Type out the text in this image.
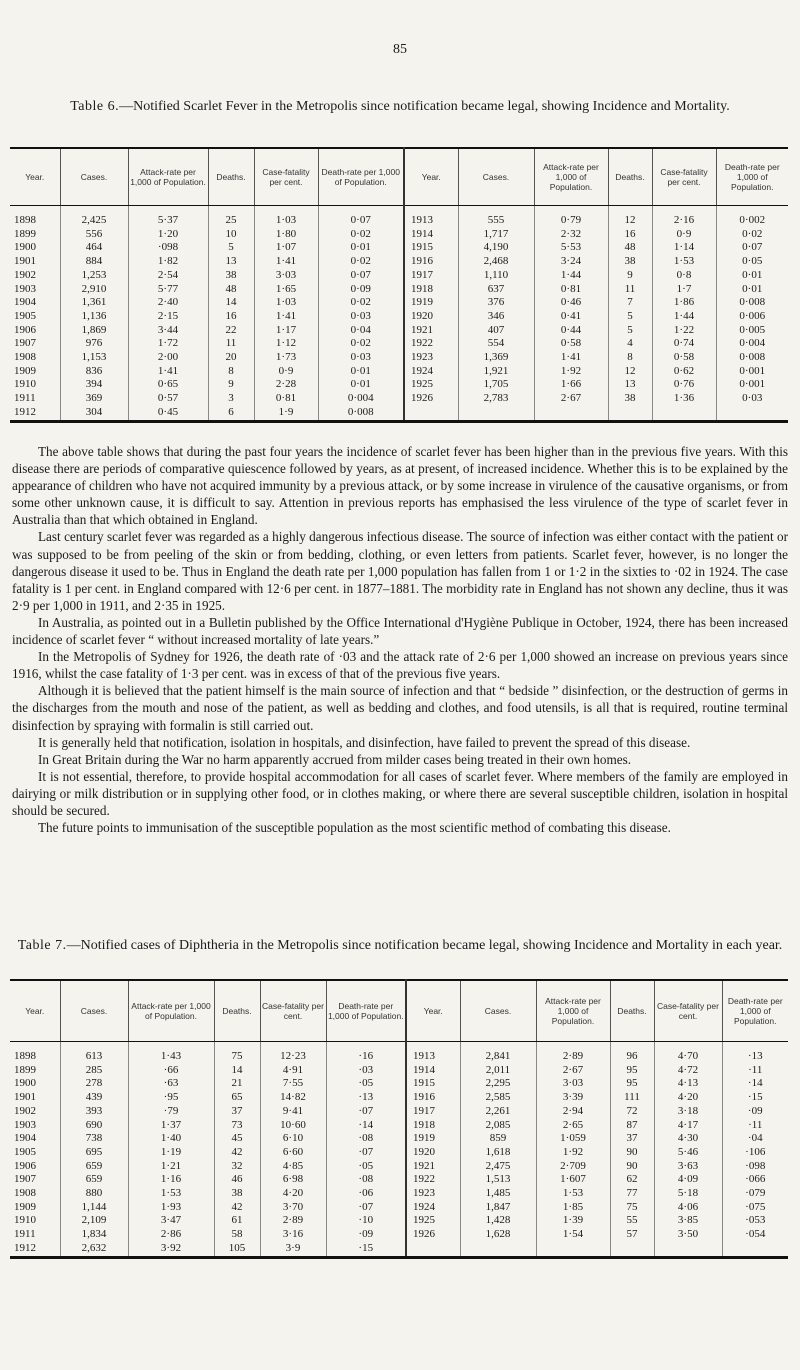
85
Table 6.—Notified Scarlet Fever in the Metropolis since notification became legal, showing Incidence and Mortality.
Year.	Cases.	Attack-rate per 1,000 of Population.	Deaths.	Case-fatality per cent.	Death-rate per 1,000 of Population.	Year.	Cases.	Attack-rate per 1,000 of Population.	Deaths.	Case-fatality per cent.	Death-rate per 1,000 of Population.

1898	2,425	5·37	25	1·03	0·07	1913	555	0·79	12	2·16	0·002
1899	556	1·20	10	1·80	0·02	1914	1,717	2·32	16	0·9	0·02
1900	464	·098	5	1·07	0·01	1915	4,190	5·53	48	1·14	0·07
1901	884	1·82	13	1·41	0·02	1916	2,468	3·24	38	1·53	0·05
1902	1,253	2·54	38	3·03	0·07	1917	1,110	1·44	9	0·8	0·01
1903	2,910	5·77	48	1·65	0·09	1918	637	0·81	11	1·7	0·01
1904	1,361	2·40	14	1·03	0·02	1919	376	0·46	7	1·86	0·008
1905	1,136	2·15	16	1·41	0·03	1920	346	0·41	5	1·44	0·006
1906	1,869	3·44	22	1·17	0·04	1921	407	0·44	5	1·22	0·005
1907	976	1·72	11	1·12	0·02	1922	554	0·58	4	0·74	0·004
1908	1,153	2·00	20	1·73	0·03	1923	1,369	1·41	8	0·58	0·008
1909	836	1·41	8	0·9	0·01	1924	1,921	1·92	12	0·62	0·001
1910	394	0·65	9	2·28	0·01	1925	1,705	1·66	13	0·76	0·001
1911	369	0·57	3	0·81	0·004	1926	2,783	2·67	38	1·36	0·03
1912	304	0·45	6	1·9	0·008						

The above table shows that during the past four years the incidence of scarlet fever has been higher than in the previous five years. With this disease there are periods of comparative quiescence followed by years, as at present, of increased incidence. Whether this is to be explained by the appearance of children who have not acquired immunity by a previous attack, or by some increase in virulence of the causative organisms, or from some other unknown cause, it is difficult to say. Attention in previous reports has emphasised the less virulence of the type of scarlet fever in Australia than that which obtained in England.

Last century scarlet fever was regarded as a highly dangerous infectious disease. The source of infection was either contact with the patient or was supposed to be from peeling of the skin or from bedding, clothing, or even letters from patients. Scarlet fever, however, is no longer the dangerous disease it used to be. Thus in England the death rate per 1,000 population has fallen from 1 or 1·2 in the sixties to ·02 in 1924. The case fatality is 1 per cent. in England compared with 12·6 per cent. in 1877–1881. The morbidity rate in England has not shown any decline, thus it was 2·9 per 1,000 in 1911, and 2·35 in 1925.

In Australia, as pointed out in a Bulletin published by the Office International d'Hygiène Publique in October, 1924, there has been increased incidence of scarlet fever “ without increased mortality of late years.”

In the Metropolis of Sydney for 1926, the death rate of ·03 and the attack rate of 2·6 per 1,000 showed an increase on previous years since 1916, whilst the case fatality of 1·3 per cent. was in excess of that of the previous five years.

Although it is believed that the patient himself is the main source of infection and that “ bedside ” disinfection, or the destruction of germs in the discharges from the mouth and nose of the patient, as well as bedding and clothes, and food utensils, is all that is required, routine terminal disinfection by spraying with formalin is still carried out.

It is generally held that notification, isolation in hospitals, and disinfection, have failed to prevent the spread of this disease.

In Great Britain during the War no harm apparently accrued from milder cases being treated in their own homes.

It is not essential, therefore, to provide hospital accommodation for all cases of scarlet fever. Where members of the family are employed in dairying or milk distribution or in supplying other food, or in clothes making, or where there are several susceptible children, isolation in hospital should be secured.

The future points to immunisation of the susceptible population as the most scientific method of combating this disease.

Table 7.—Notified cases of Diphtheria in the Metropolis since notification became legal, showing Incidence and Mortality in each year.
Year.	Cases.	Attack-rate per 1,000 of Population.	Deaths.	Case-fatality per cent.	Death-rate per 1,000 of Population.	Year.	Cases.	Attack-rate per 1,000 of Population.	Deaths.	Case-fatality per cent.	Death-rate per 1,000 of Population.

1898	613	1·43	75	12·23	·16	1913	2,841	2·89	96	4·70	·13
1899	285	·66	14	4·91	·03	1914	2,011	2·67	95	4·72	·11
1900	278	·63	21	7·55	·05	1915	2,295	3·03	95	4·13	·14
1901	439	·95	65	14·82	·13	1916	2,585	3·39	111	4·20	·15
1902	393	·79	37	9·41	·07	1917	2,261	2·94	72	3·18	·09
1903	690	1·37	73	10·60	·14	1918	2,085	2·65	87	4·17	·11
1904	738	1·40	45	6·10	·08	1919	859	1·059	37	4·30	·04
1905	695	1·19	42	6·60	·07	1920	1,618	1·92	90	5·46	·106
1906	659	1·21	32	4·85	·05	1921	2,475	2·709	90	3·63	·098
1907	659	1·16	46	6·98	·08	1922	1,513	1·607	62	4·09	·066
1908	880	1·53	38	4·20	·06	1923	1,485	1·53	77	5·18	·079
1909	1,144	1·93	42	3·70	·07	1924	1,847	1·85	75	4·06	·075
1910	2,109	3·47	61	2·89	·10	1925	1,428	1·39	55	3·85	·053
1911	1,834	2·86	58	3·16	·09	1926	1,628	1·54	57	3·50	·054
1912	2,632	3·92	105	3·9	·15						
